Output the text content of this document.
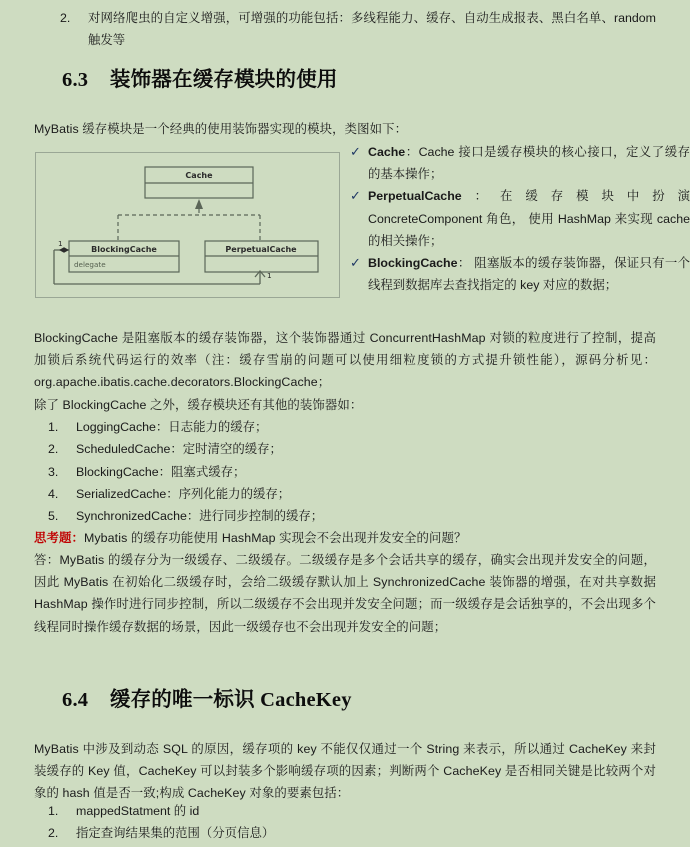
2.	对网络爬虫的自定义增强，可增强的功能包括：多线程能力、缓存、自动生成报表、黑白名单、random 触发等
6.3 装饰器在缓存模块的使用
MyBatis 缓存模块是一个经典的使用装饰器实现的模块，类图如下：
Cache
BlockingCache
delegate
PerpetualCache
1
1
✓ Cache：Cache 接口是缓存模块的核心接口，定义了缓存的基本操作；
✓ PerpetualCache：在缓存模块中扮演 ConcreteComponent 角色， 使用 HashMap 来实现 cache 的相关操作；
✓ BlockingCache： 阻塞版本的缓存装饰器，保证只有一个线程到数据库去查找指定的 key 对应的数据；
BlockingCache 是阻塞版本的缓存装饰器，这个装饰器通过 ConcurrentHashMap 对锁的粒度进行了控制，提高加锁后系统代码运行的效率（注：缓存雪崩的问题可以使用细粒度锁的方式提升锁性能），源码分析见：org.apache.ibatis.cache.decorators.BlockingCache；
除了 BlockingCache 之外，缓存模块还有其他的装饰器如：
1.	LoggingCache：日志能力的缓存；
2.	ScheduledCache：定时清空的缓存；
3.	BlockingCache：阻塞式缓存；
4.	SerializedCache：序列化能力的缓存；
5.	SynchronizedCache：进行同步控制的缓存；
思考题：Mybatis 的缓存功能使用 HashMap 实现会不会出现并发安全的问题？
答：MyBatis 的缓存分为一级缓存、二级缓存。二级缓存是多个会话共享的缓存，确实会出现并发安全的问题，因此 MyBatis 在初始化二级缓存时，会给二级缓存默认加上 SynchronizedCache 装饰器的增强，在对共享数据 HashMap 操作时进行同步控制，所以二级缓存不会出现并发安全问题；而一级缓存是会话独享的，不会出现多个线程同时操作缓存数据的场景，因此一级缓存也不会出现并发安全的问题；
6.4 缓存的唯一标识 CacheKey
MyBatis 中涉及到动态 SQL 的原因，缓存项的 key 不能仅仅通过一个 String 来表示，所以通过 CacheKey 来封装缓存的 Key 值，CacheKey 可以封装多个影响缓存项的因素；判断两个 CacheKey 是否相同关键是比较两个对象的 hash 值是否一致;构成 CacheKey 对象的要素包括：
1.	mappedStatment 的 id
2.	指定查询结果集的范围（分页信息）
